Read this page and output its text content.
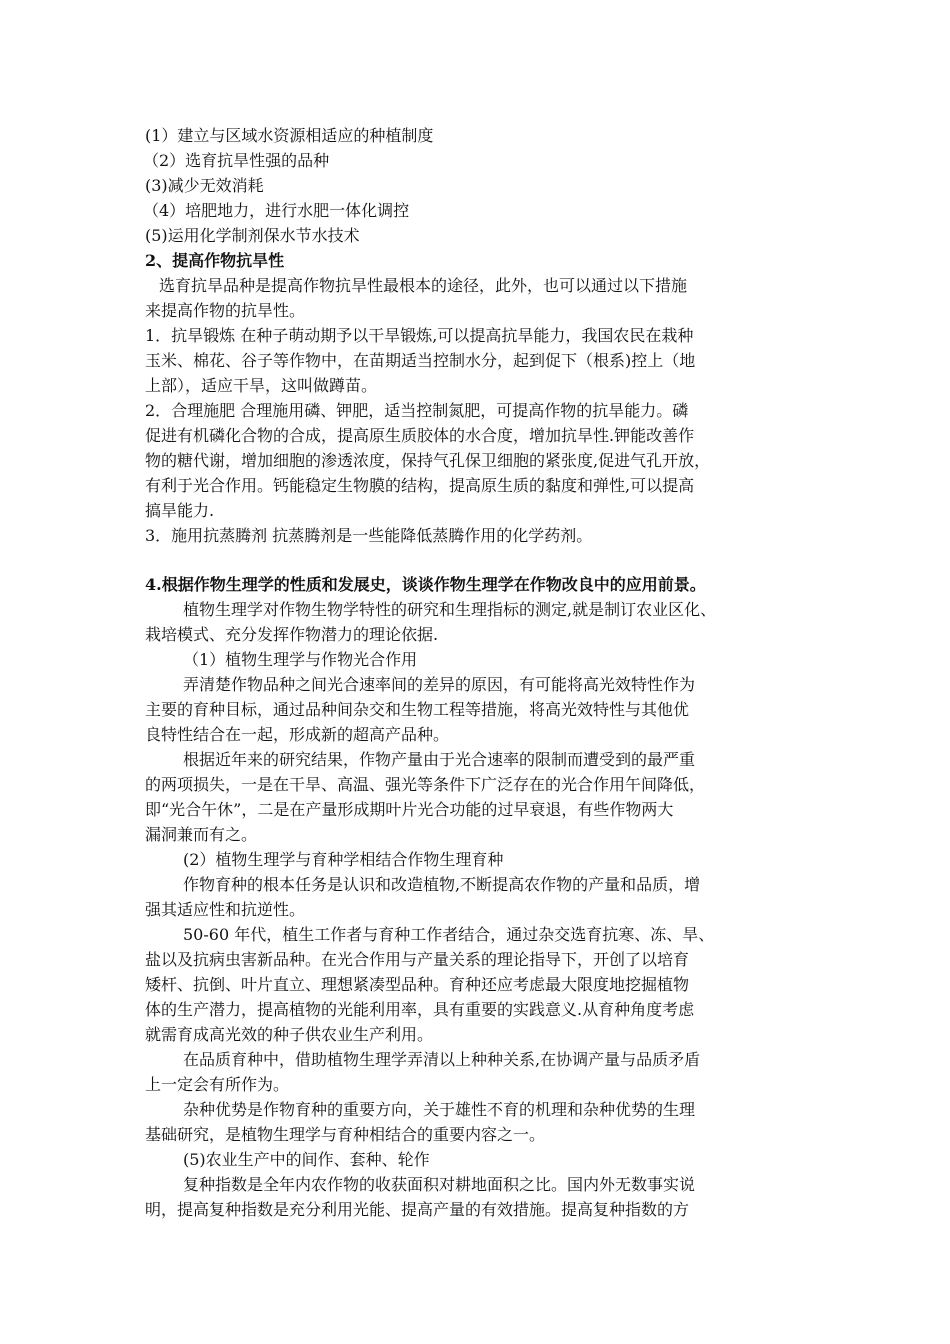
(1）建立与区域水资源相适应的种植制度
（2）选育抗旱性强的品种
(3)减少无效消耗
（4）培肥地力，进行水肥一体化调控
(5)运用化学制剂保水节水技术
2、提高作物抗旱性
选育抗旱品种是提高作物抗旱性最根本的途径，此外，也可以通过以下措施
来提高作物的抗旱性。
1．抗旱锻炼 在种子萌动期予以干旱锻炼,可以提高抗旱能力，我国农民在栽种
玉米、棉花、谷子等作物中，在苗期适当控制水分，起到促下（根系)控上（地
上部），适应干旱，这叫做蹲苗。
2．合理施肥 合理施用磷、钾肥，适当控制氮肥，可提高作物的抗旱能力。磷
促进有机磷化合物的合成，提高原生质胶体的水合度，增加抗旱性.钾能改善作
物的糖代谢，增加细胞的渗透浓度，保持气孔保卫细胞的紧张度,促进气孔开放，
有利于光合作用。钙能稳定生物膜的结构，提高原生质的黏度和弹性,可以提高
搞旱能力.
3．施用抗蒸腾剂 抗蒸腾剂是一些能降低蒸腾作用的化学药剂。
4.根据作物生理学的性质和发展史，谈谈作物生理学在作物改良中的应用前景。
植物生理学对作物生物学特性的研究和生理指标的测定,就是制订农业区化、
栽培模式、充分发挥作物潜力的理论依据.
（1）植物生理学与作物光合作用
弄清楚作物品种之间光合速率间的差异的原因，有可能将高光效特性作为
主要的育种目标，通过品种间杂交和生物工程等措施，将高光效特性与其他优
良特性结合在一起，形成新的超高产品种。
根据近年来的研究结果，作物产量由于光合速率的限制而遭受到的最严重
的两项损失，一是在干旱、高温、强光等条件下广泛存在的光合作用午间降低，
即“光合午休”，二是在产量形成期叶片光合功能的过早衰退，有些作物两大
漏洞兼而有之。
(2）植物生理学与育种学相结合作物生理育种
作物育种的根本任务是认识和改造植物,不断提高农作物的产量和品质，增
强其适应性和抗逆性。
50-60 年代，植生工作者与育种工作者结合，通过杂交选育抗寒、冻、旱、
盐以及抗病虫害新品种。在光合作用与产量关系的理论指导下，开创了以培育
矮杆、抗倒、叶片直立、理想紧凑型品种。育种还应考虑最大限度地挖掘植物
体的生产潜力，提高植物的光能利用率，具有重要的实践意义.从育种角度考虑
就需育成高光效的种子供农业生产利用。
在品质育种中，借助植物生理学弄清以上种种关系,在协调产量与品质矛盾
上一定会有所作为。
杂种优势是作物育种的重要方向，关于雄性不育的机理和杂种优势的生理
基础研究，是植物生理学与育种相结合的重要内容之一。
(5)农业生产中的间作、套种、轮作
复种指数是全年内农作物的收获面积对耕地面积之比。国内外无数事实说
明，提高复种指数是充分利用光能、提高产量的有效措施。提高复种指数的方
